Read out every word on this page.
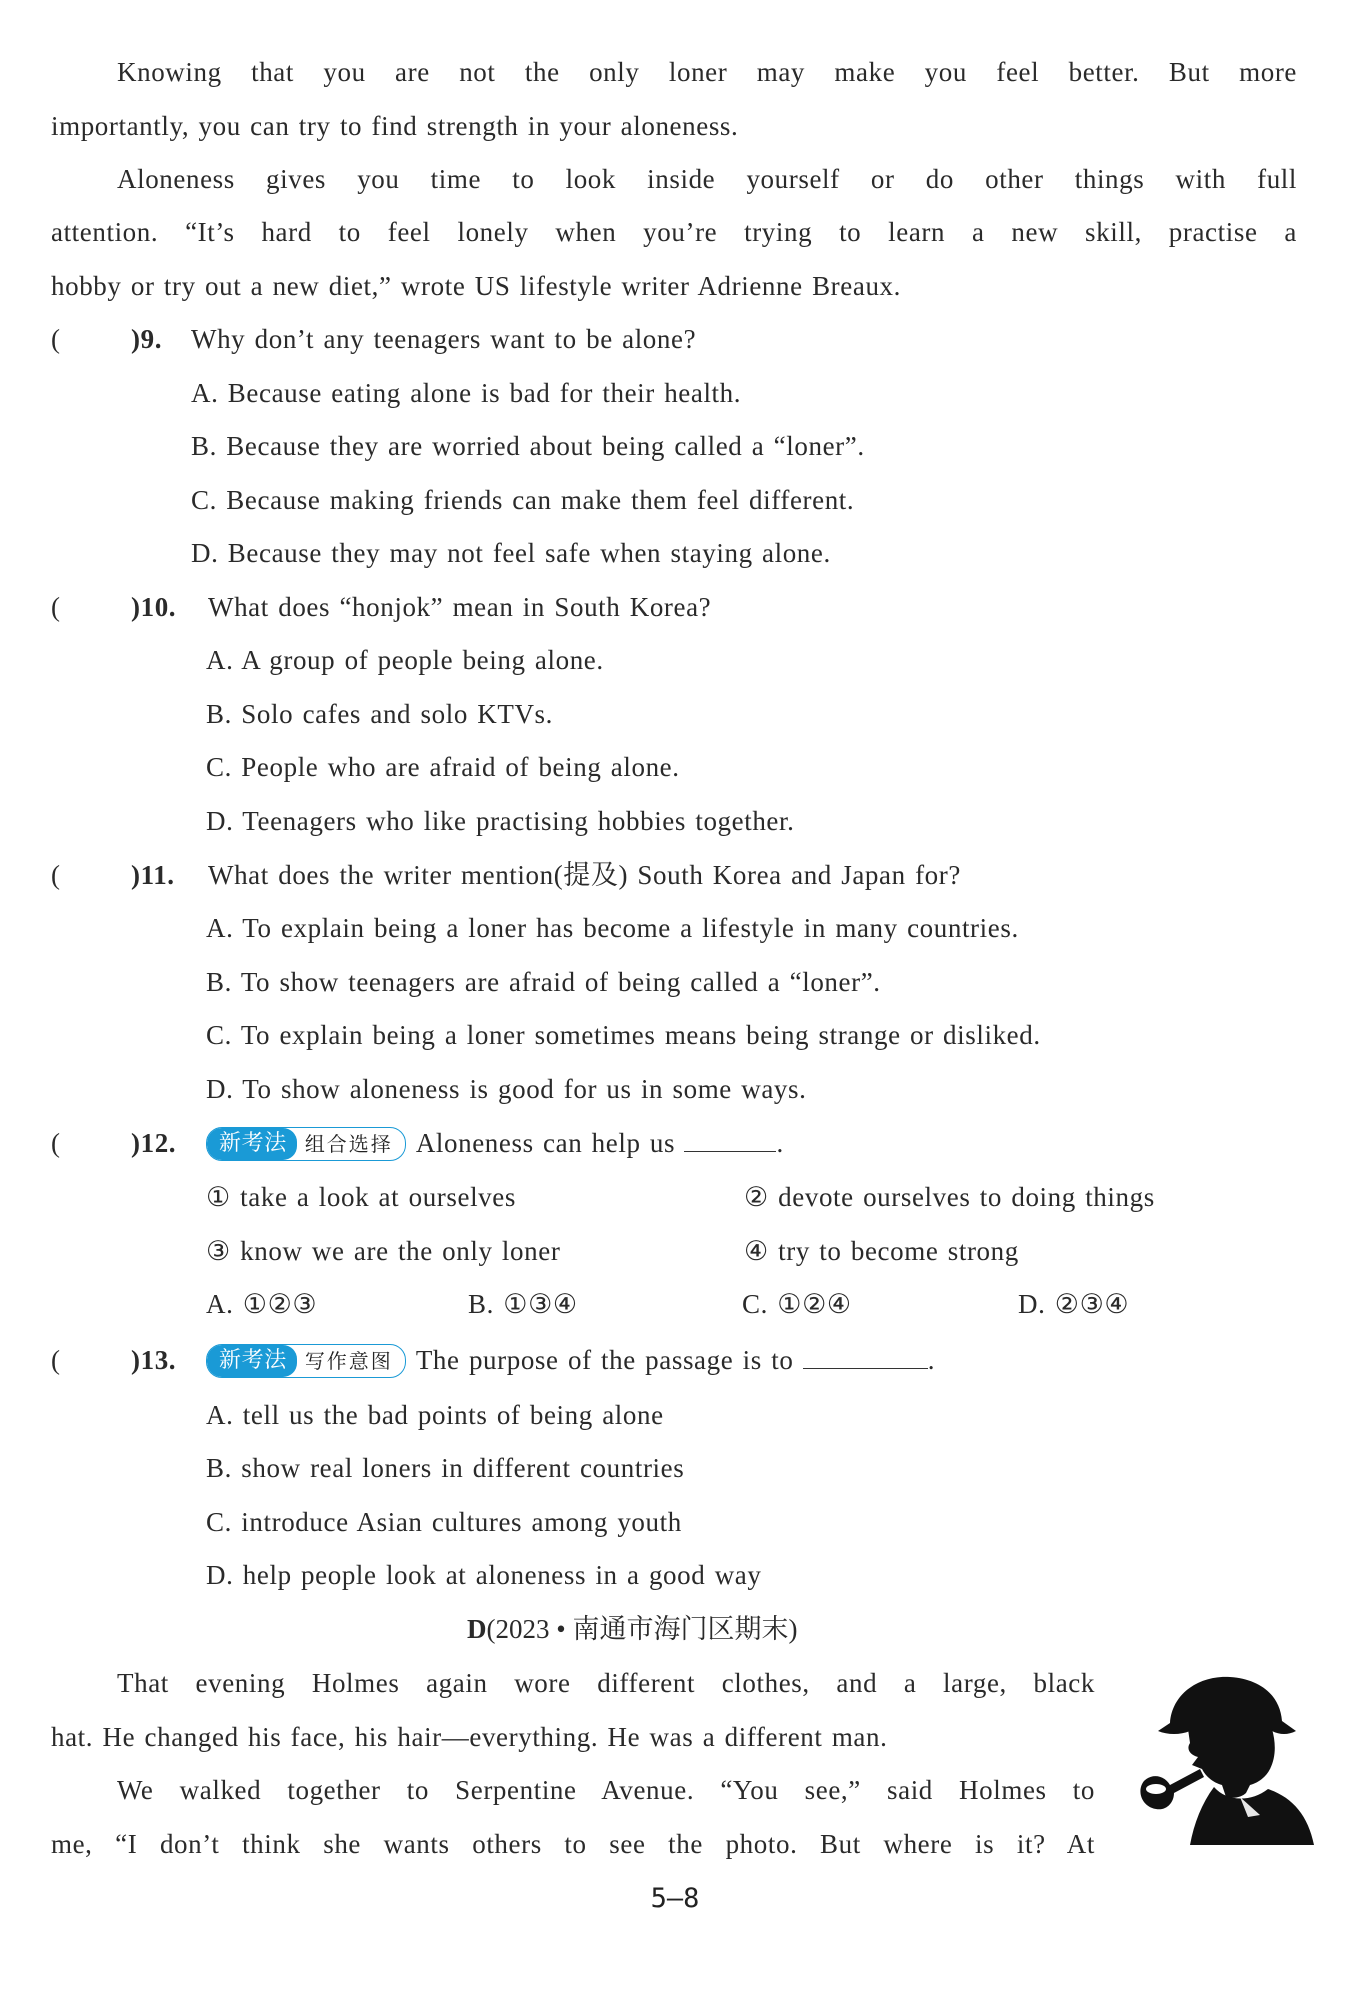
Knowing that you are not the only loner may make you feel better. But more
importantly, you can try to find strength in your aloneness.
Aloneness gives you time to look inside yourself or do other things with full
attention. “It’s hard to feel lonely when you’re trying to learn a new skill, practise a
hobby or try out a new diet,” wrote US lifestyle writer Adrienne Breaux.
(	)9. Why don’t any teenagers want to be alone?
A. Because eating alone is bad for their health.
B. Because they are worried about being called a “loner”.
C. Because making friends can make them feel different.
D. Because they may not feel safe when staying alone.
(	)10. What does “honjok” mean in South Korea?
A. A group of people being alone.
B. Solo cafes and solo KTVs.
C. People who are afraid of being alone.
D. Teenagers who like practising hobbies together.
(	)11. What does the writer mention(提及) South Korea and Japan for?
A. To explain being a loner has become a lifestyle in many countries.
B. To show teenagers are afraid of being called a “loner”.
C. To explain being a loner sometimes means being strange or disliked.
D. To show aloneness is good for us in some ways.
(	)12.	新考法 组合选择 Aloneness can help us	.
① take a look at ourselves	② devote ourselves to doing things
③ know we are the only loner	④ try to become strong
A. ①②③	B. ①③④	C. ①②④	D. ②③④
(	)13.	新考法 写作意图 The purpose of the passage is to	.
A. tell us the bad points of being alone
B. show real loners in different countries
C. introduce Asian cultures among youth
D. help people look at aloneness in a good way
D(2023 • 南通市海门区期末)
That evening Holmes again wore different clothes, and a large, black
hat. He changed his face, his hair—everything. He was a different man.
We walked together to Serpentine Avenue. “You see,” said Holmes to
me, “I don’t think she wants others to see the photo. But where is it? At
5—8
